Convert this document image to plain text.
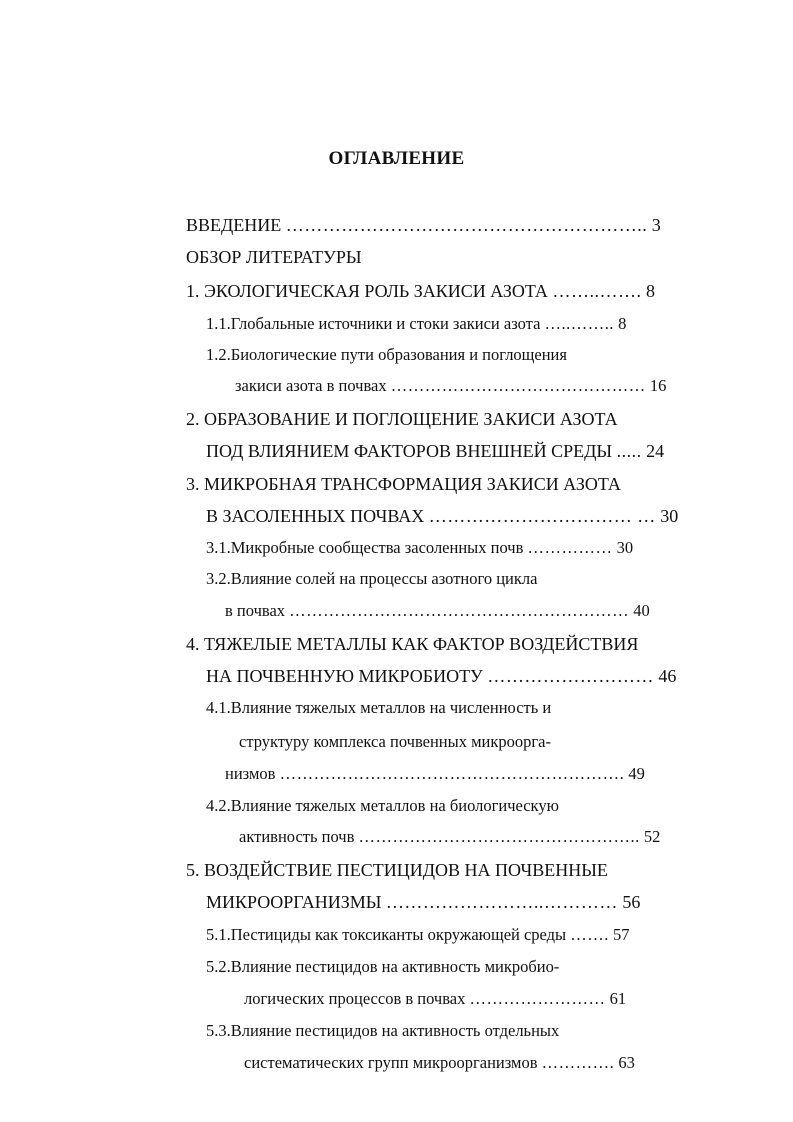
ОГЛАВЛЕНИЕ
ВВЕДЕНИЕ ………………………………………………….. 3
ОБЗОР ЛИТЕРАТУРЫ
1. ЭКОЛОГИЧЕСКАЯ РОЛЬ ЗАКИСИ АЗОТА ……..……. 8
1.1.Глобальные источники и стоки закиси азота …..…….. 8
1.2.Биологические пути образования и поглощения
закиси азота в почвах ……………………………………… 16
2. ОБРАЗОВАНИЕ И ПОГЛОЩЕНИЕ ЗАКИСИ АЗОТА
ПОД ВЛИЯНИЕМ ФАКТОРОВ ВНЕШНЕЙ СРЕДЫ ..... 24
3. МИКРОБНАЯ ТРАНСФОРМАЦИЯ ЗАКИСИ АЗОТА
В ЗАСОЛЕННЫХ ПОЧВАХ …………………………… … 30
3.1.Микробные сообщества засоленных почв …………… 30
3.2.Влияние солей на процессы азотного цикла
в почвах …………………………………………………… 40
4. ТЯЖЕЛЫЕ МЕТАЛЛЫ КАК ФАКТОР ВОЗДЕЙСТВИЯ
НА ПОЧВЕННУЮ МИКРОБИОТУ ……………………… 46
4.1.Влияние тяжелых металлов на численность и
структуру комплекса почвенных микроорга-
низмов ……………………………………………………. 49
4.2.Влияние тяжелых металлов на биологическую
активность почв ………………………………………….. 52
5. ВОЗДЕЙСТВИЕ ПЕСТИЦИДОВ НА ПОЧВЕННЫЕ
МИКРООРГАНИЗМЫ ……………………..………… 56
5.1.Пестициды как токсиканты окружающей среды ……. 57
5.2.Влияние пестицидов на активность микробио-
логических процессов в почвах …………………… 61
5.3.Влияние пестицидов на активность отдельных
систематических групп микроорганизмов …………. 63
